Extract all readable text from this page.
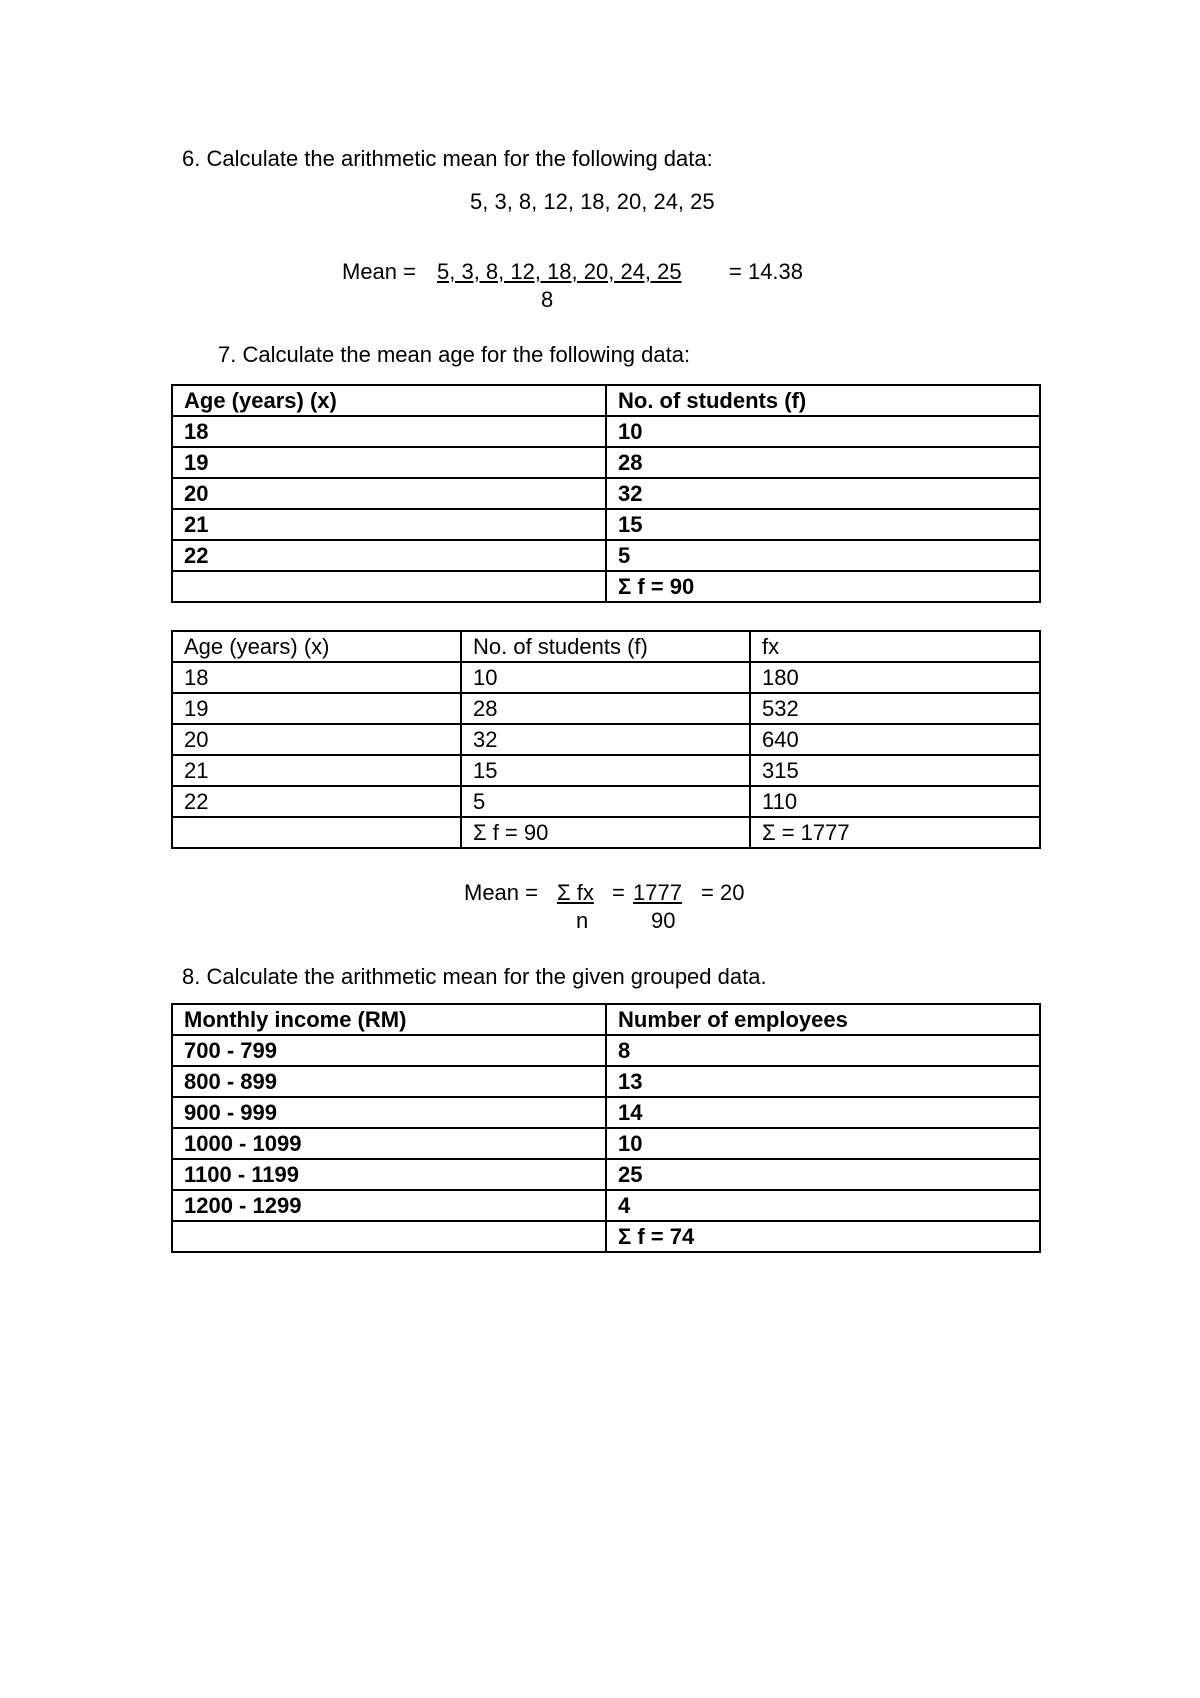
6. Calculate the arithmetic mean for the following data:
5, 3, 8, 12, 18, 20, 24, 25
Mean = 5, 3, 8, 12, 18, 20, 24, 25 = 14.38
8
7. Calculate the mean age for the following data:
Age (years) (x)	No. of students (f)
18	10
19	28
20	32
21	15
22	5
	Σ f = 90
Age (years) (x)	No. of students (f)	fx
18	10	180
19	28	532
20	32	640
21	15	315
22	5	110
	Σ f = 90	Σ = 1777
Mean = Σ fx = 1777 = 20
n	90
8. Calculate the arithmetic mean for the given grouped data.
Monthly income (RM)	Number of employees
700 - 799	8
800 - 899	13
900 - 999	14
1000 - 1099	10
1100 - 1199	25
1200 - 1299	4
	Σ f = 74
